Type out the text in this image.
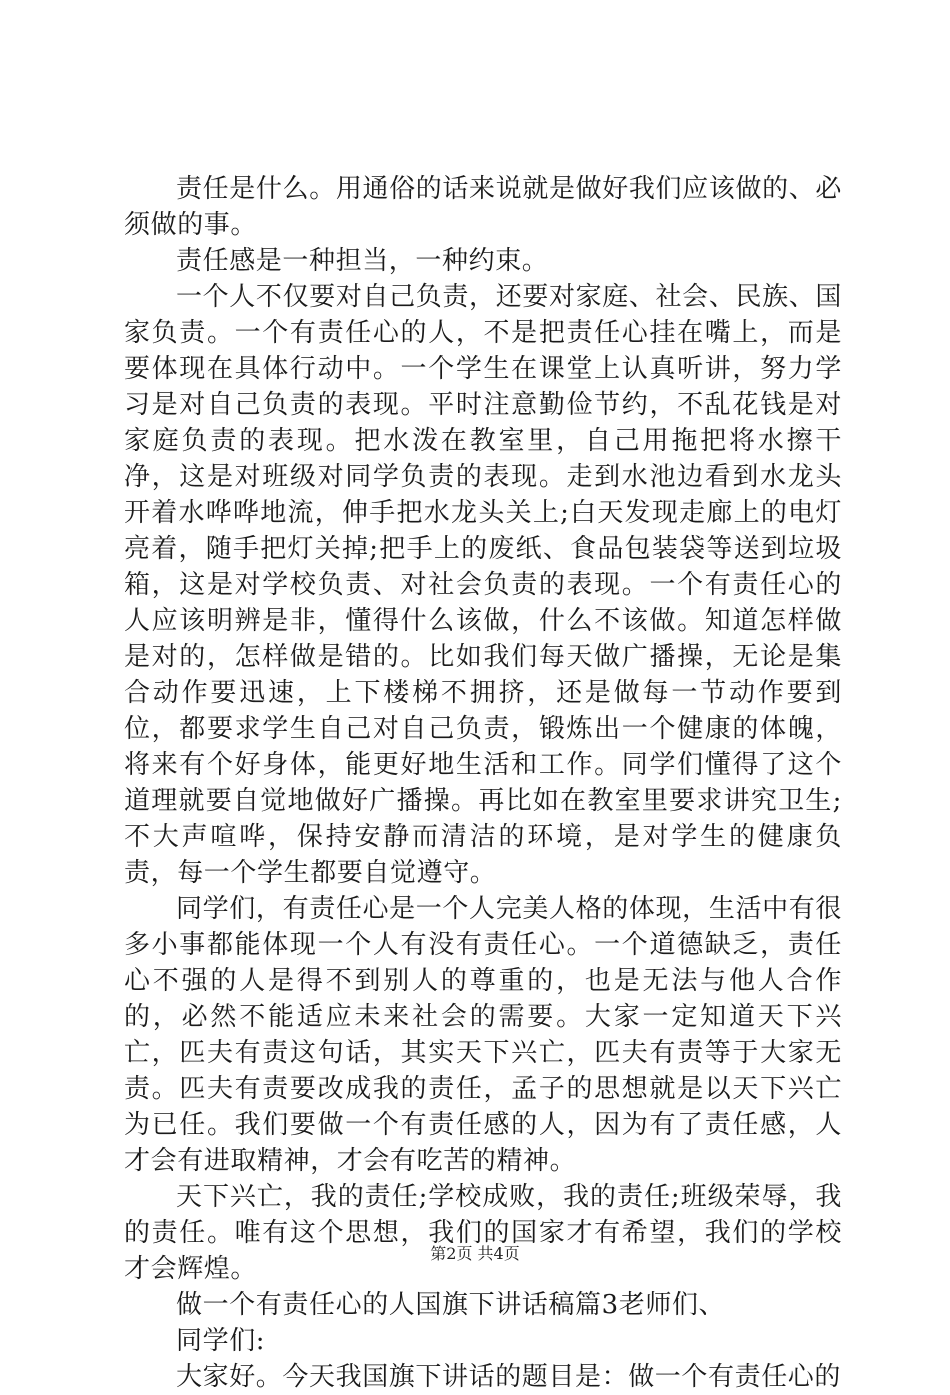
责任是什么。用通俗的话来说就是做好我们应该做的、必须做的事。

责任感是一种担当，一种约束。

一个人不仅要对自己负责，还要对家庭、社会、民族、国家负责。一个有责任心的人，不是把责任心挂在嘴上，而是要体现在具体行动中。一个学生在课堂上认真听讲，努力学习是对自己负责的表现。平时注意勤俭节约，不乱花钱是对家庭负责的表现。把水泼在教室里，自己用拖把将水擦干净，这是对班级对同学负责的表现。走到水池边看到水龙头开着水哗哗地流，伸手把水龙头关上;白天发现走廊上的电灯亮着，随手把灯关掉;把手上的废纸、食品包装袋等送到垃圾箱，这是对学校负责、对社会负责的表现。一个有责任心的人应该明辨是非，懂得什么该做，什么不该做。知道怎样做是对的，怎样做是错的。比如我们每天做广播操，无论是集合动作要迅速，上下楼梯不拥挤，还是做每一节动作要到位，都要求学生自己对自己负责，锻炼出一个健康的体魄，将来有个好身体，能更好地生活和工作。同学们懂得了这个道理就要自觉地做好广播操。再比如在教室里要求讲究卫生;不大声喧哗，保持安静而清洁的环境，是对学生的健康负责，每一个学生都要自觉遵守。

同学们，有责任心是一个人完美人格的体现，生活中有很多小事都能体现一个人有没有责任心。一个道德缺乏，责任心不强的人是得不到别人的尊重的，也是无法与他人合作的，必然不能适应未来社会的需要。大家一定知道天下兴亡，匹夫有责这句话，其实天下兴亡，匹夫有责等于大家无责。匹夫有责要改成我的责任，孟子的思想就是以天下兴亡为已任。我们要做一个有责任感的人，因为有了责任感，人才会有进取精神，才会有吃苦的精神。

天下兴亡，我的责任;学校成败，我的责任;班级荣辱，我的责任。唯有这个思想，我们的国家才有希望，我们的学校才会辉煌。

做一个有责任心的人国旗下讲话稿篇3老师们、

同学们:

大家好。今天我国旗下讲话的题目是：做一个有责任心的

第2页 共4页
